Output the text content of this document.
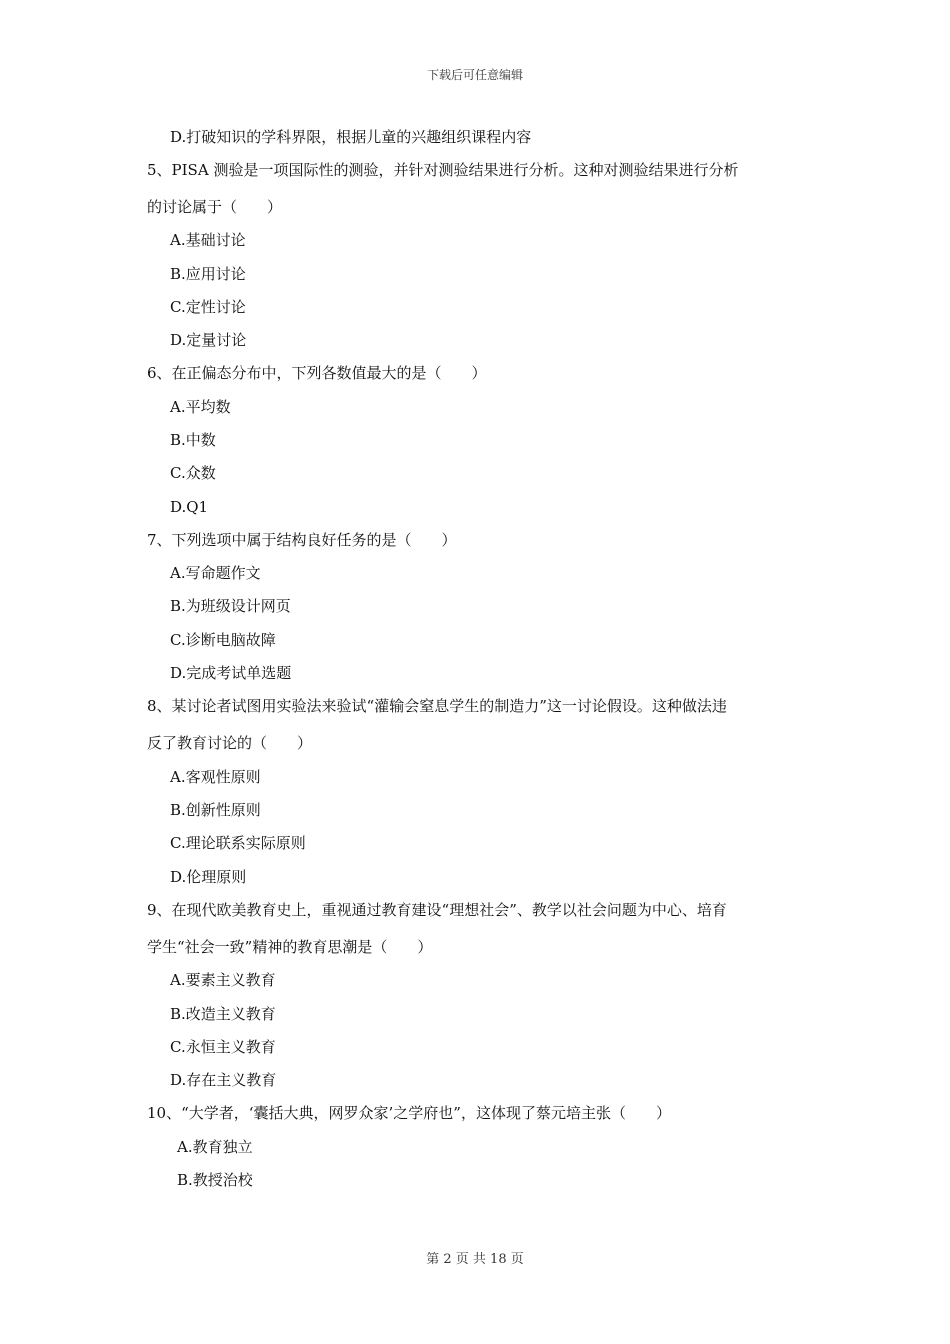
下载后可任意编辑
D.打破知识的学科界限，根据儿童的兴趣组织课程内容
5、PISA 测验是一项国际性的测验，并针对测验结果进行分析。这种对测验结果进行分析
的讨论属于（　　）
A.基础讨论
B.应用讨论
C.定性讨论
D.定量讨论
6、在正偏态分布中，下列各数值最大的是（　　）
A.平均数
B.中数
C.众数
D.Q1
7、下列选项中属于结构良好任务的是（　　）
A.写命题作文
B.为班级设计网页
C.诊断电脑故障
D.完成考试单选题
8、某讨论者试图用实验法来验试“灌输会窒息学生的制造力”这一讨论假设。这种做法违
反了教育讨论的（　　）
A.客观性原则
B.创新性原则
C.理论联系实际原则
D.伦理原则
9、在现代欧美教育史上，重视通过教育建设“理想社会”、教学以社会问题为中心、培育
学生“社会一致”精神的教育思潮是（　　）
A.要素主义教育
B.改造主义教育
C.永恒主义教育
D.存在主义教育
10、“大学者，‘囊括大典，网罗众家’之学府也”，这体现了蔡元培主张（　　）
A.教育独立
B.教授治校
第 2 页 共 18 页
